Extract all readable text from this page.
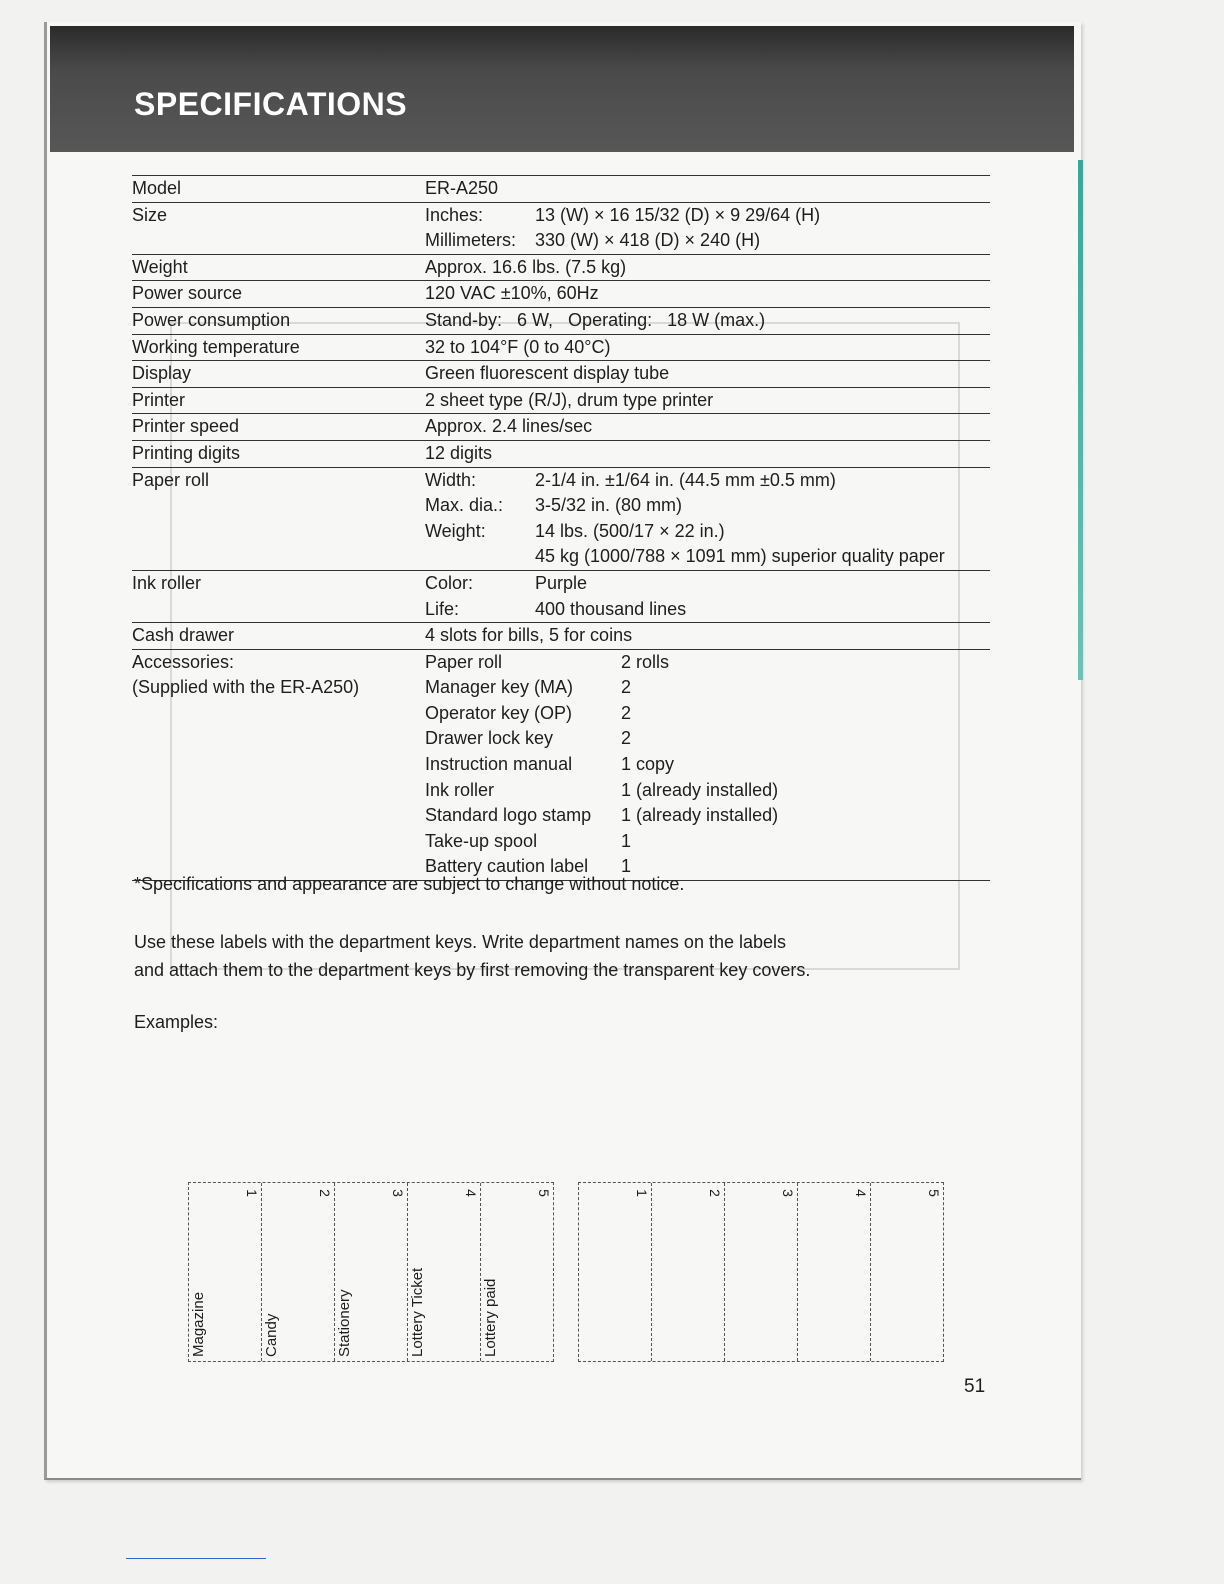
SPECIFICATIONS
Model	ER-A250
Size	Inches:	13 (W) × 16 15/32 (D) × 9 29/64 (H)
Millimeters:	330 (W) × 418 (D) × 240 (H)
Weight	Approx. 16.6 lbs. (7.5 kg)
Power source	120 VAC ±10%, 60Hz
Power consumption	Stand-by:   6 W,   Operating:   18 W (max.)
Working temperature	32 to 104°F (0 to 40°C)
Display	Green fluorescent display tube
Printer	2 sheet type (R/J), drum type printer
Printer speed	Approx. 2.4 lines/sec
Printing digits	12 digits
Paper roll	Width:	2-1/4 in. ±1/64 in. (44.5 mm ±0.5 mm)
Max. dia.:	3-5/32 in. (80 mm)
Weight:	14 lbs. (500/17 × 22 in.)
45 kg (1000/788 × 1091 mm) superior quality paper
Ink roller	Color:	Purple
Life:	400 thousand lines
Cash drawer	4 slots for bills, 5 for coins
Accessories:
(Supplied with the ER-A250)
Paper roll	2 rolls
Manager key (MA)	2
Operator key (OP)	2
Drawer lock key	2
Instruction manual	1 copy
Ink roller	1 (already installed)
Standard logo stamp	1 (already installed)
Take-up spool	1
Battery caution label	1
*Specifications and appearance are subject to change without notice.
Use these labels with the department keys. Write department names on the labels
and attach them to the department keys by first removing the transparent key covers.
Examples:
1
Magazine
2
Candy
3
Stationery
4
Lottery Ticket
5
Lottery paid
1	2	3	4	5
51
